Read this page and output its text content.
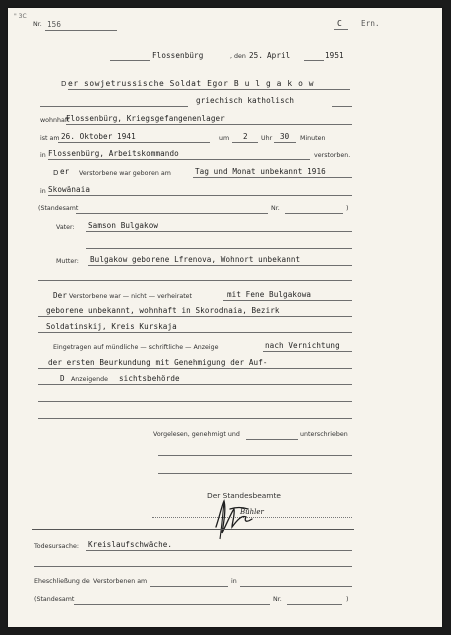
" 3C
Nr. 156	C	Ern.
Flossenbürg	, den 25. April	1951
D er sowjetrussische Soldat Egor B u l g a k o w
griechisch katholisch
wohnhaft
Flossenbürg, Kriegsgefangenenlager
ist am 26. Oktober 1941	um 2 Uhr 30 Minuten
in Flossenbürg, Arbeitskommando	verstorben.
D er Verstorbene war geboren am	Tag und Monat unbekannt 1916
in Skowänaia
(Standesamt	Nr.	)
Vater: Samson Bulgakow
Mutter: Bulgakow geborene Lfrenova, Wohnort unbekannt
Der Verstorbene war — nicht — verheiratet	mit Fene Bulgakowa
geborene unbekannt, wohnhaft in Skorodnaia, Bezirk
Soldatinskij, Kreis Kurskaja
Eingetragen auf mündliche — schriftliche — Anzeige	nach Vernichtung
der ersten Beurkundung mit Genehmigung der Auf-
D Anzeigende sichtsbehörde
Vorgelesen, genehmigt und	unterschrieben
Der Standesbeamte
Bühler
Todesursache: Kreislaufschwäche.
Eheschließung de Verstorbenen am	in
(Standesamt	Nr.	)
